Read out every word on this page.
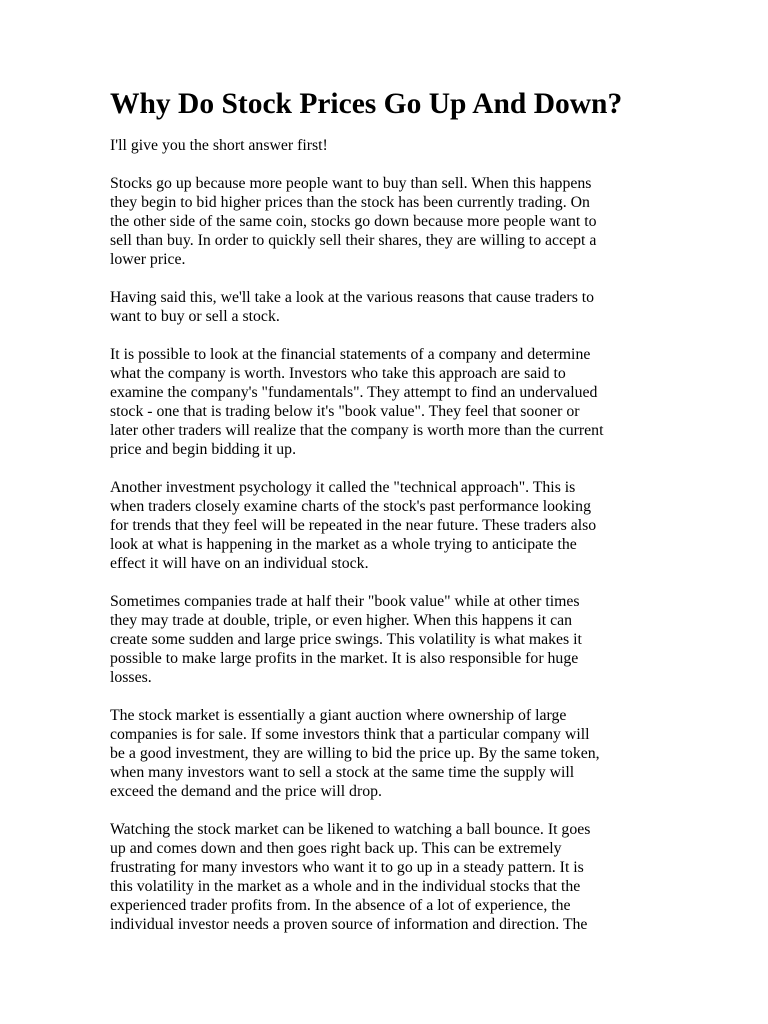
Why Do Stock Prices Go Up And Down?

I'll give you the short answer first!

Stocks go up because more people want to buy than sell. When this happens
they begin to bid higher prices than the stock has been currently trading. On
the other side of the same coin, stocks go down because more people want to
sell than buy. In order to quickly sell their shares, they are willing to accept a
lower price.

Having said this, we'll take a look at the various reasons that cause traders to
want to buy or sell a stock.

It is possible to look at the financial statements of a company and determine
what the company is worth. Investors who take this approach are said to
examine the company's "fundamentals". They attempt to find an undervalued
stock - one that is trading below it's "book value". They feel that sooner or
later other traders will realize that the company is worth more than the current
price and begin bidding it up.

Another investment psychology it called the "technical approach". This is
when traders closely examine charts of the stock's past performance looking
for trends that they feel will be repeated in the near future. These traders also
look at what is happening in the market as a whole trying to anticipate the
effect it will have on an individual stock.

Sometimes companies trade at half their "book value" while at other times
they may trade at double, triple, or even higher. When this happens it can
create some sudden and large price swings. This volatility is what makes it
possible to make large profits in the market. It is also responsible for huge
losses.

The stock market is essentially a giant auction where ownership of large
companies is for sale. If some investors think that a particular company will
be a good investment, they are willing to bid the price up. By the same token,
when many investors want to sell a stock at the same time the supply will
exceed the demand and the price will drop.

Watching the stock market can be likened to watching a ball bounce. It goes
up and comes down and then goes right back up. This can be extremely
frustrating for many investors who want it to go up in a steady pattern. It is
this volatility in the market as a whole and in the individual stocks that the
experienced trader profits from. In the absence of a lot of experience, the
individual investor needs a proven source of information and direction. The
